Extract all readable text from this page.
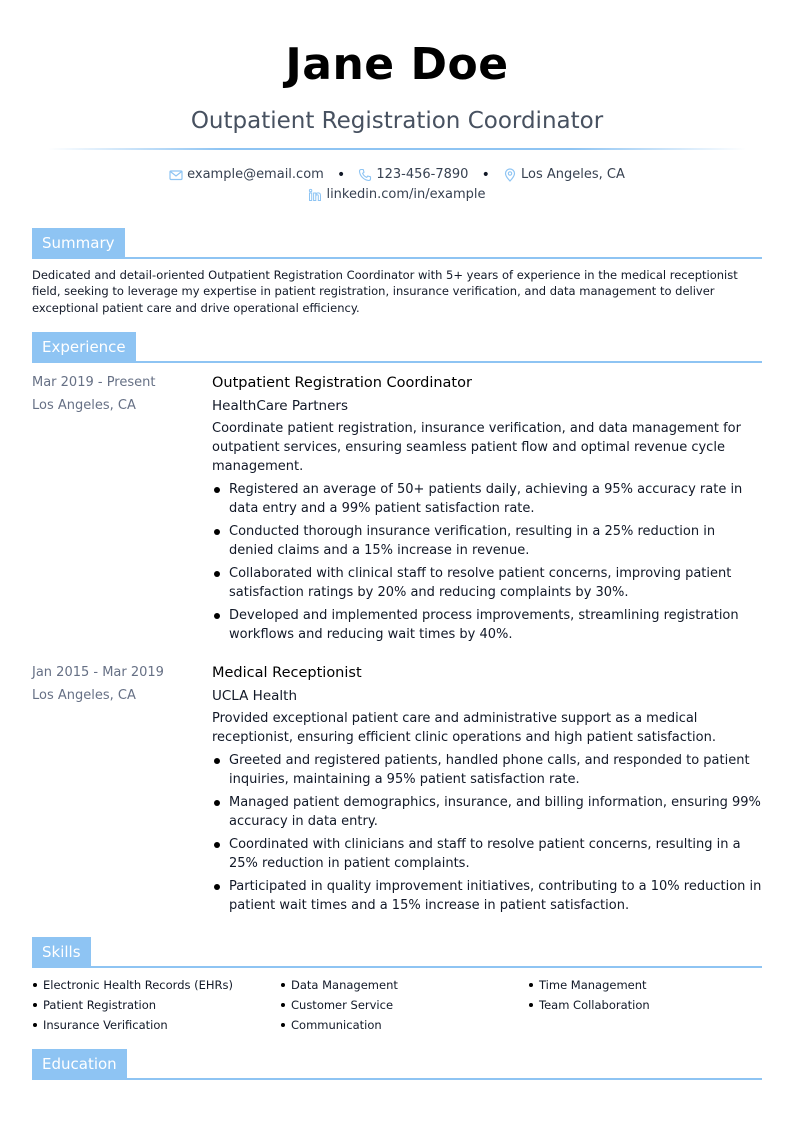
Jane Doe
Outpatient Registration Coordinator
example@email.com • 123-456-7890 • Los Angeles, CA
linkedin.com/in/example
Summary
Dedicated and detail-oriented Outpatient Registration Coordinator with 5+ years of experience in the medical receptionist field, seeking to leverage my expertise in patient registration, insurance verification, and data management to deliver exceptional patient care and drive operational efficiency.
Experience
Mar 2019 - Present
Los Angeles, CA
Outpatient Registration Coordinator
HealthCare Partners
Coordinate patient registration, insurance verification, and data management for outpatient services, ensuring seamless patient flow and optimal revenue cycle management.
Registered an average of 50+ patients daily, achieving a 95% accuracy rate in data entry and a 99% patient satisfaction rate.
Conducted thorough insurance verification, resulting in a 25% reduction in denied claims and a 15% increase in revenue.
Collaborated with clinical staff to resolve patient concerns, improving patient satisfaction ratings by 20% and reducing complaints by 30%.
Developed and implemented process improvements, streamlining registration workflows and reducing wait times by 40%.
Jan 2015 - Mar 2019
Los Angeles, CA
Medical Receptionist
UCLA Health
Provided exceptional patient care and administrative support as a medical receptionist, ensuring efficient clinic operations and high patient satisfaction.
Greeted and registered patients, handled phone calls, and responded to patient inquiries, maintaining a 95% patient satisfaction rate.
Managed patient demographics, insurance, and billing information, ensuring 99% accuracy in data entry.
Coordinated with clinicians and staff to resolve patient concerns, resulting in a 25% reduction in patient complaints.
Participated in quality improvement initiatives, contributing to a 10% reduction in patient wait times and a 15% increase in patient satisfaction.
Skills
Electronic Health Records (EHRs)	Data Management	Time Management
Patient Registration	Customer Service	Team Collaboration
Insurance Verification	Communication
Education
